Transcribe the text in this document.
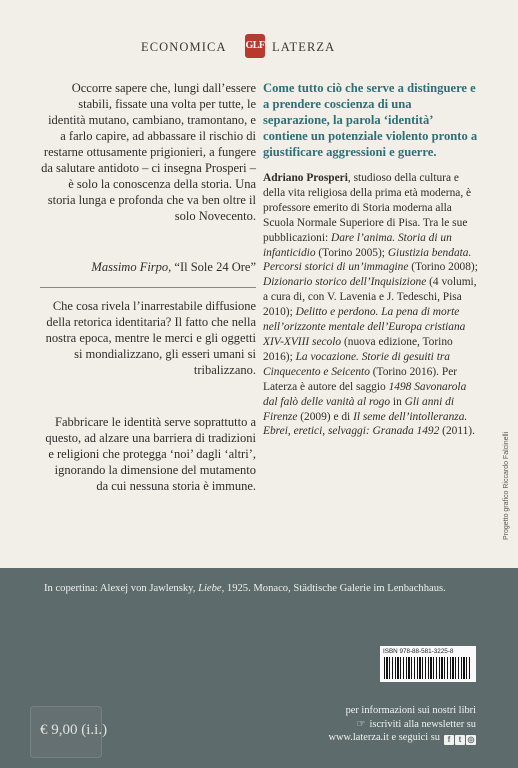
ECONOMICA GLF LATERZA

Occorre sapere che, lungi dall’essere stabili, fissate una volta per tutte, le identità mutano, cambiano, tramontano, e a farlo capire, ad abbassare il rischio di restarne ottusamente prigionieri, a fungere da salutare antidoto – ci insegna Prosperi – è solo la conoscenza della storia. Una storia lunga e profonda che va ben oltre il solo Novecento.

Massimo Firpo, “Il Sole 24 Ore”

Che cosa rivela l’inarrestabile diffusione della retorica identitaria? Il fatto che nella nostra epoca, mentre le merci e gli oggetti si mondializzano, gli esseri umani si tribalizzano.

Fabbricare le identità serve soprattutto a questo, ad alzare una barriera di tradizioni e religioni che protegga ‘noi’ dagli ‘altri’, ignorando la dimensione del mutamento da cui nessuna storia è immune.

Come tutto ciò che serve a distinguere e a prendere coscienza di una separazione, la parola ‘identità’ contiene un potenziale violento pronto a giustificare aggressioni e guerre.

Adriano Prosperi, studioso della cultura e della vita religiosa della prima età moderna, è professore emerito di Storia moderna alla Scuola Normale Superiore di Pisa. Tra le sue pubblicazioni: Dare l’anima. Storia di un infanticidio (Torino 2005); Giustizia bendata. Percorsi storici di un’immagine (Torino 2008); Dizionario storico dell’Inquisizione (4 volumi, a cura di, con V. Lavenia e J. Tedeschi, Pisa 2010); Delitto e perdono. La pena di morte nell’orizzonte mentale dell’Europa cristiana XIV-XVIII secolo (nuova edizione, Torino 2016); La vocazione. Storie di gesuiti tra Cinquecento e Seicento (Torino 2016). Per Laterza è autore del saggio 1498 Savonarola dal falò delle vanità al rogo in Gli anni di Firenze (2009) e di Il seme dell’intolleranza. Ebrei, eretici, selvaggi: Granada 1492 (2011).

Progetto grafico Riccardo Falcinelli
In copertina: Alexej von Jawlensky, Liebe, 1925. Monaco, Städtische Galerie im Lenbachhaus.
ISBN 978-88-581-3225-8
€ 9,00 (i.i.)
per informazioni sui nostri libri
☞ iscriviti alla newsletter su
www.laterza.it e seguici su f t ◎
